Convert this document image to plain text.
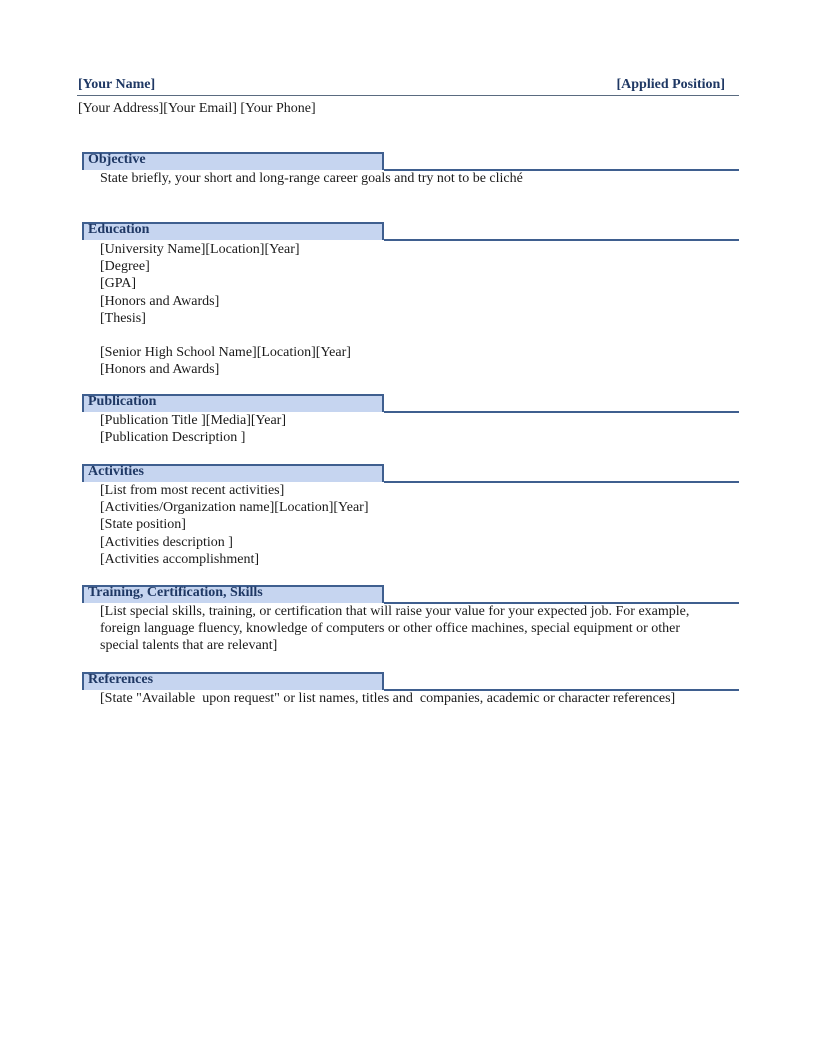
[Your Name]	[Applied Position]
[Your Address][Your Email] [Your Phone]
Objective
State briefly, your short and long-range career goals and try not to be cliché
Education
[University Name][Location][Year]
[Degree]
[GPA]
[Honors and Awards]
[Thesis]
[Senior High School Name][Location][Year]
[Honors and Awards]
Publication
[Publication Title ][Media][Year]
[Publication Description ]
Activities
[List from most recent activities]
[Activities/Organization name][Location][Year]
[State position]
[Activities description ]
[Activities accomplishment]
Training, Certification, Skills
[List special skills, training, or certification that will raise your value for your expected job. For example, foreign language fluency, knowledge of computers or other office machines, special equipment or other special talents that are relevant]
References
[State "Available  upon request" or list names, titles and  companies, academic or character references]
